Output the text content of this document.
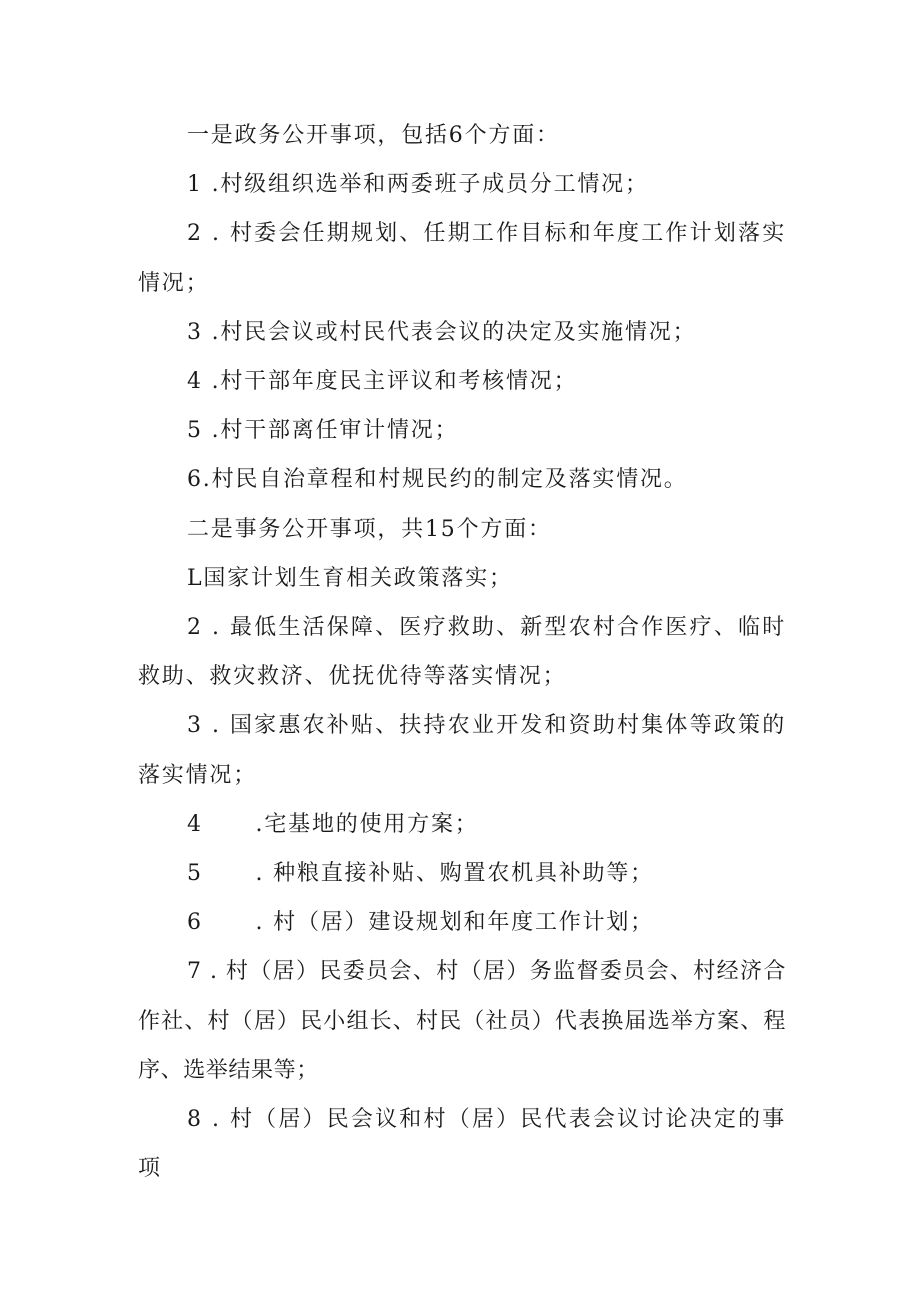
一是政务公开事项，包括6个方面：

1 .村级组织选举和两委班子成员分工情况；

2 . 村委会任期规划、任期工作目标和年度工作计划落实情况；

3 .村民会议或村民代表会议的决定及实施情况；

4 .村干部年度民主评议和考核情况；

5 .村干部离任审计情况；

6.村民自治章程和村规民约的制定及落实情况。

二是事务公开事项，共15个方面：

L国家计划生育相关政策落实；

2 . 最低生活保障、医疗救助、新型农村合作医疗、临时救助、救灾救济、优抚优待等落实情况；

3 . 国家惠农补贴、扶持农业开发和资助村集体等政策的落实情况；

4      .宅基地的使用方案；

5      . 种粮直接补贴、购置农机具补助等；

6      . 村（居）建设规划和年度工作计划；

7 . 村（居）民委员会、村（居）务监督委员会、村经济合作社、村（居）民小组长、村民（社员）代表换届选举方案、程序、选举结果等；

8 . 村（居）民会议和村（居）民代表会议讨论决定的事项
